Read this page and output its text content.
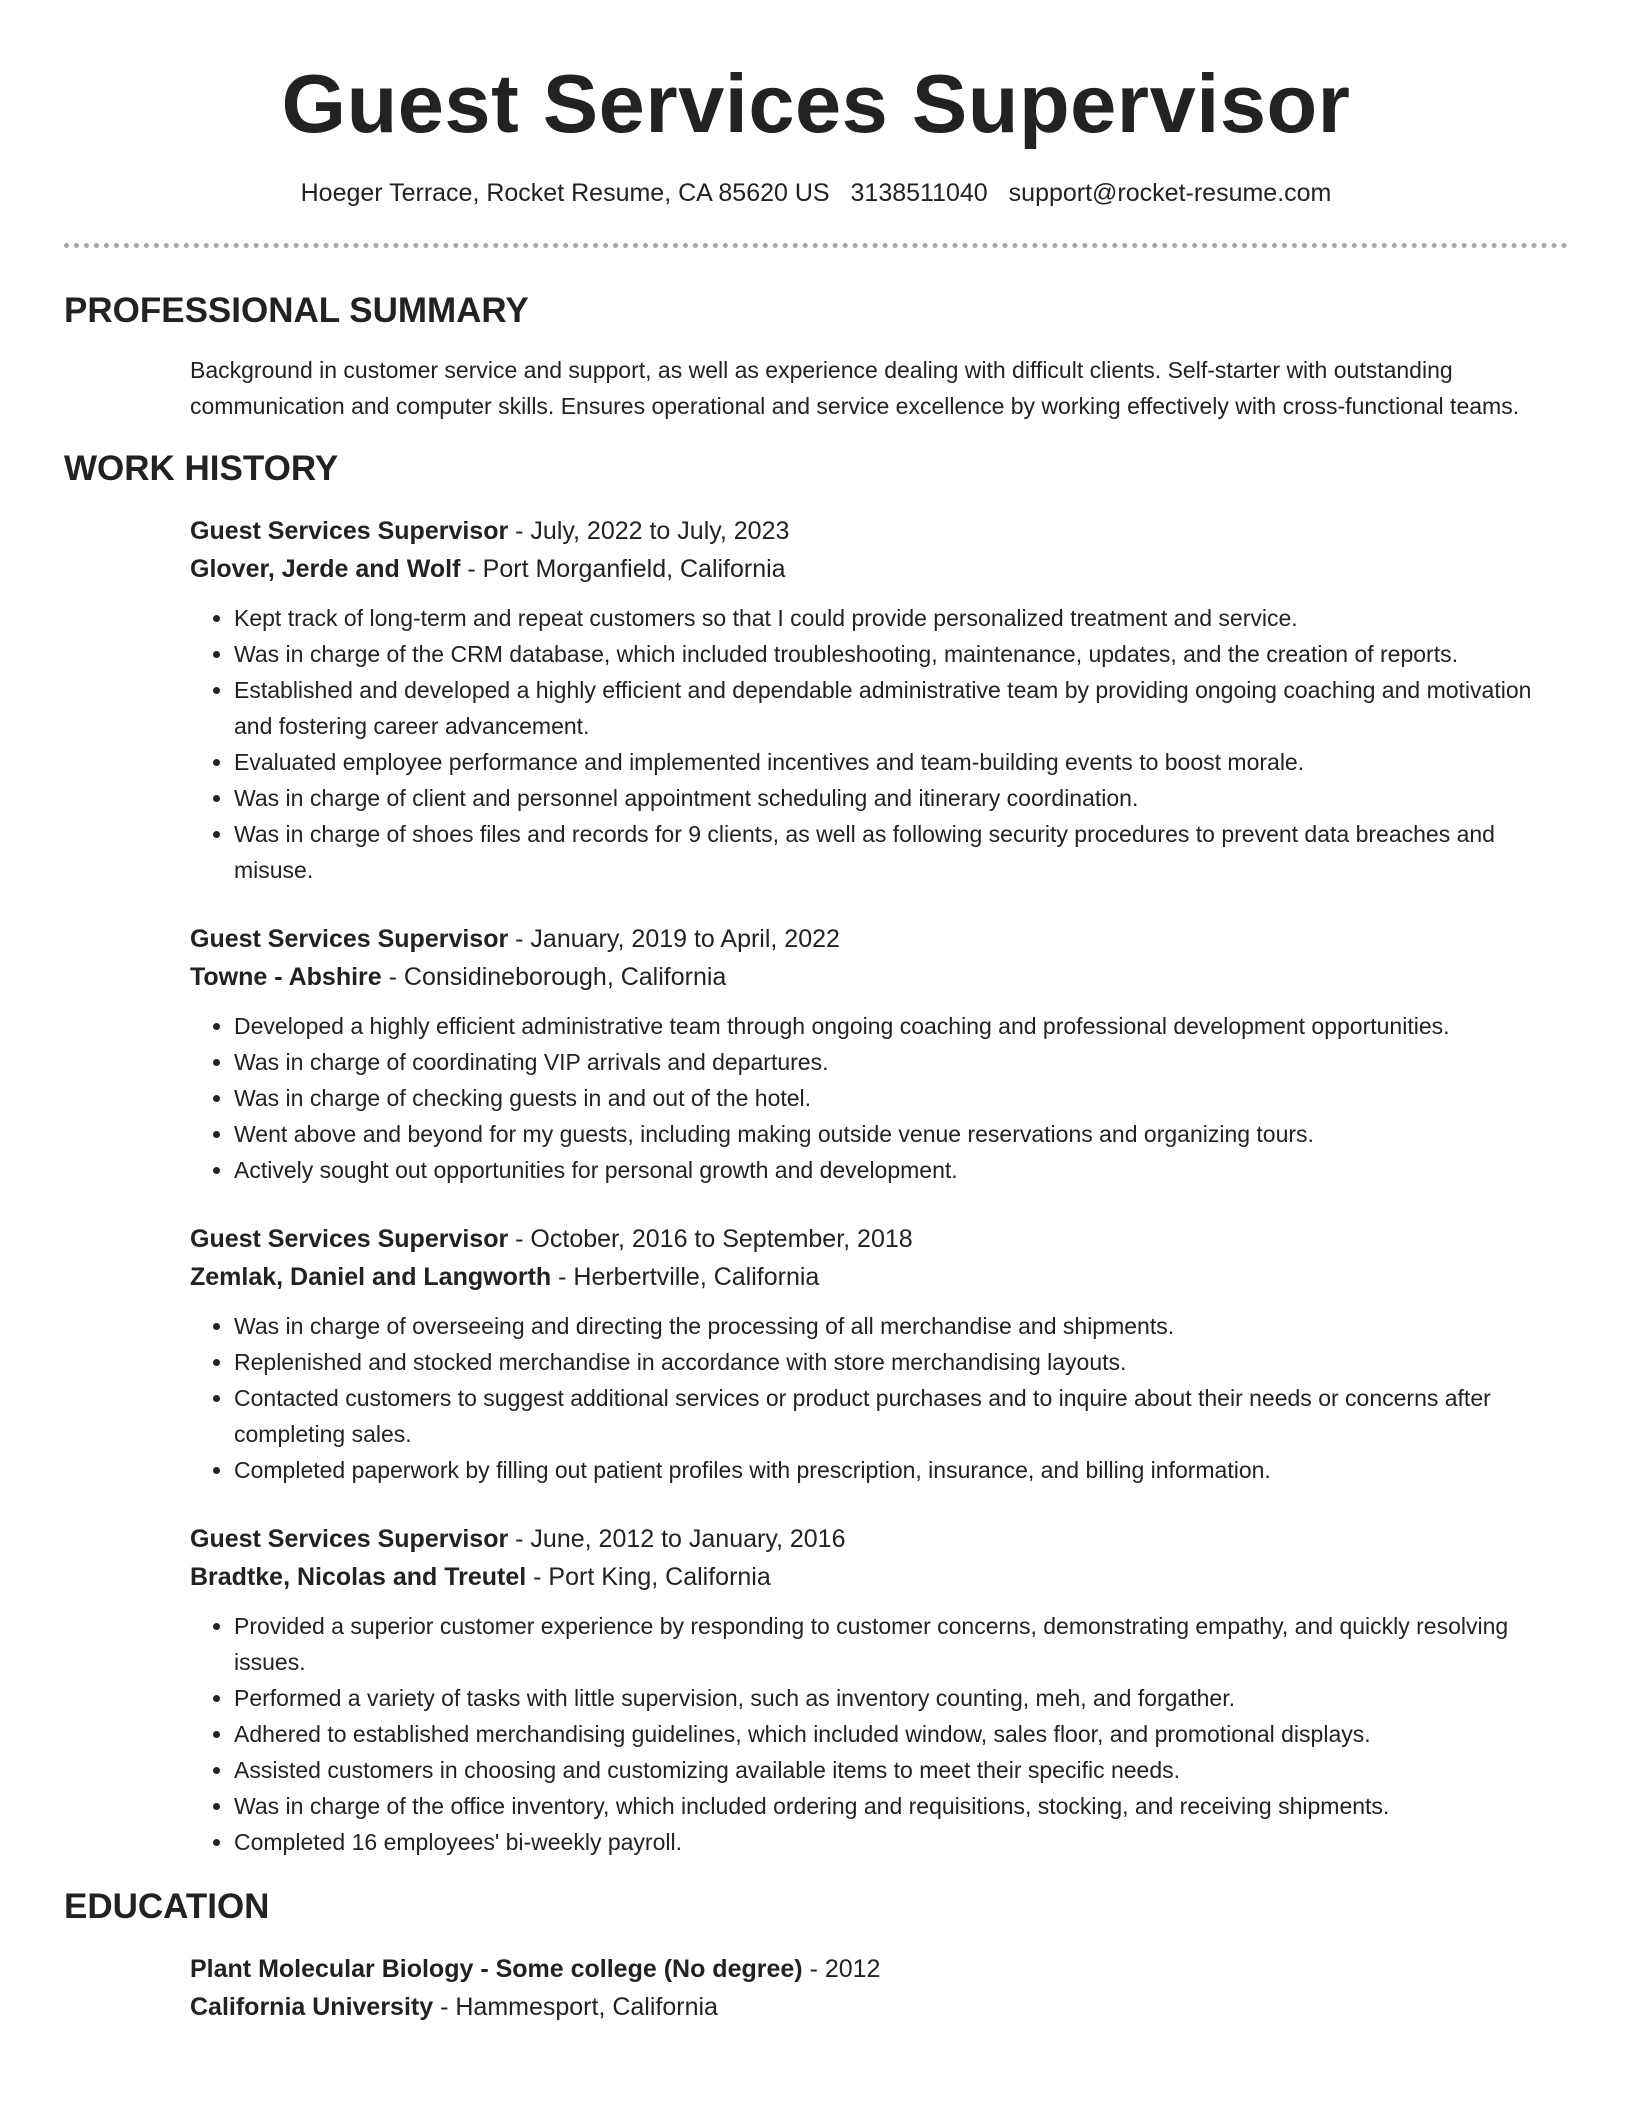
Guest Services Supervisor
Hoeger Terrace, Rocket Resume, CA 85620 US 3138511040 support@rocket-resume.com
PROFESSIONAL SUMMARY

Background in customer service and support, as well as experience dealing with difficult clients. Self-starter with outstanding communication and computer skills. Ensures operational and service excellence by working effectively with cross-functional teams.

WORK HISTORY

Guest Services Supervisor - July, 2022 to July, 2023

Glover, Jerde and Wolf - Port Morganfield, California

• Kept track of long-term and repeat customers so that I could provide personalized treatment and service.
• Was in charge of the CRM database, which included troubleshooting, maintenance, updates, and the creation of reports.
• Established and developed a highly efficient and dependable administrative team by providing ongoing coaching and motivation and fostering career advancement.
• Evaluated employee performance and implemented incentives and team-building events to boost morale.
• Was in charge of client and personnel appointment scheduling and itinerary coordination.
• Was in charge of shoes files and records for 9 clients, as well as following security procedures to prevent data breaches and misuse.

Guest Services Supervisor - January, 2019 to April, 2022

Towne - Abshire - Considineborough, California

• Developed a highly efficient administrative team through ongoing coaching and professional development opportunities.
• Was in charge of coordinating VIP arrivals and departures.
• Was in charge of checking guests in and out of the hotel.
• Went above and beyond for my guests, including making outside venue reservations and organizing tours.
• Actively sought out opportunities for personal growth and development.

Guest Services Supervisor - October, 2016 to September, 2018

Zemlak, Daniel and Langworth - Herbertville, California

• Was in charge of overseeing and directing the processing of all merchandise and shipments.
• Replenished and stocked merchandise in accordance with store merchandising layouts.
• Contacted customers to suggest additional services or product purchases and to inquire about their needs or concerns after completing sales.
• Completed paperwork by filling out patient profiles with prescription, insurance, and billing information.

Guest Services Supervisor - June, 2012 to January, 2016

Bradtke, Nicolas and Treutel - Port King, California

• Provided a superior customer experience by responding to customer concerns, demonstrating empathy, and quickly resolving issues.
• Performed a variety of tasks with little supervision, such as inventory counting, meh, and forgather.
• Adhered to established merchandising guidelines, which included window, sales floor, and promotional displays.
• Assisted customers in choosing and customizing available items to meet their specific needs.
• Was in charge of the office inventory, which included ordering and requisitions, stocking, and receiving shipments.
• Completed 16 employees' bi-weekly payroll.
EDUCATION

Plant Molecular Biology - Some college (No degree) - 2012

California University - Hammesport, California
